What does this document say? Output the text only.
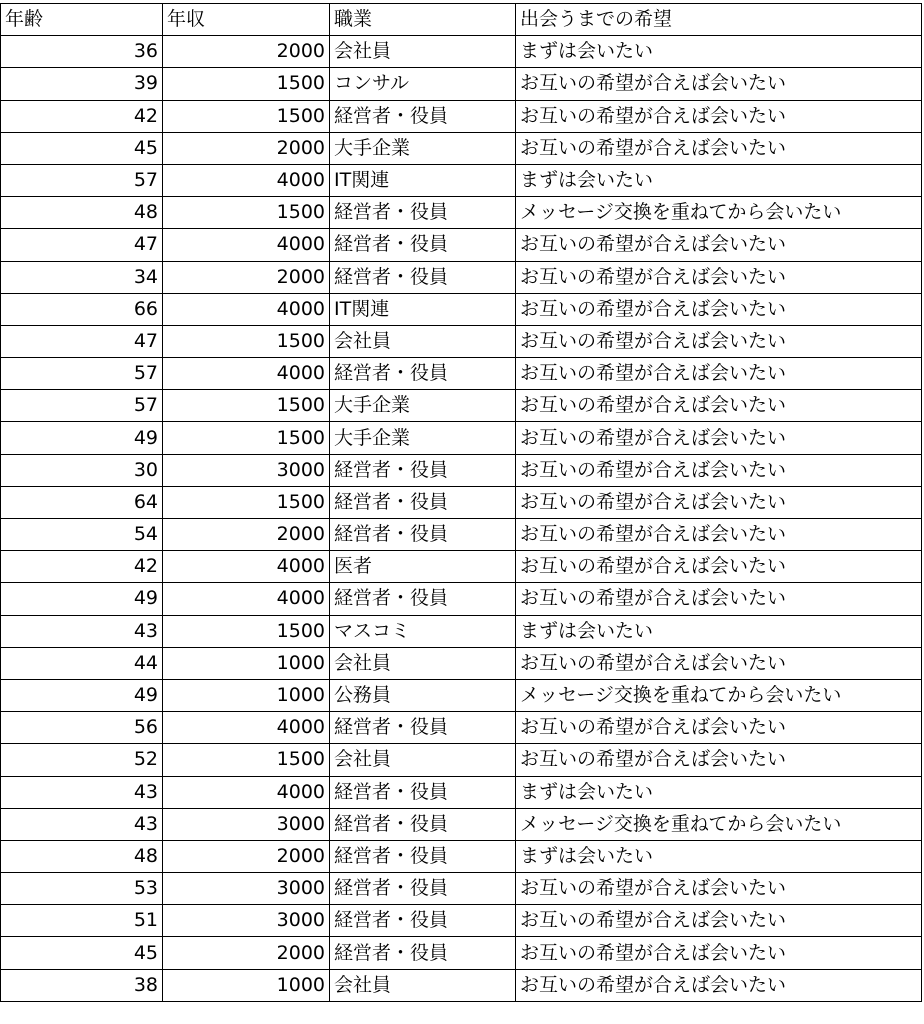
年齢	年収	職業	出会うまでの希望
36	2000	会社員	まずは会いたい
39	1500	コンサル	お互いの希望が合えば会いたい
42	1500	経営者・役員	お互いの希望が合えば会いたい
45	2000	大手企業	お互いの希望が合えば会いたい
57	4000	IT関連	まずは会いたい
48	1500	経営者・役員	メッセージ交換を重ねてから会いたい
47	4000	経営者・役員	お互いの希望が合えば会いたい
34	2000	経営者・役員	お互いの希望が合えば会いたい
66	4000	IT関連	お互いの希望が合えば会いたい
47	1500	会社員	お互いの希望が合えば会いたい
57	4000	経営者・役員	お互いの希望が合えば会いたい
57	1500	大手企業	お互いの希望が合えば会いたい
49	1500	大手企業	お互いの希望が合えば会いたい
30	3000	経営者・役員	お互いの希望が合えば会いたい
64	1500	経営者・役員	お互いの希望が合えば会いたい
54	2000	経営者・役員	お互いの希望が合えば会いたい
42	4000	医者	お互いの希望が合えば会いたい
49	4000	経営者・役員	お互いの希望が合えば会いたい
43	1500	マスコミ	まずは会いたい
44	1000	会社員	お互いの希望が合えば会いたい
49	1000	公務員	メッセージ交換を重ねてから会いたい
56	4000	経営者・役員	お互いの希望が合えば会いたい
52	1500	会社員	お互いの希望が合えば会いたい
43	4000	経営者・役員	まずは会いたい
43	3000	経営者・役員	メッセージ交換を重ねてから会いたい
48	2000	経営者・役員	まずは会いたい
53	3000	経営者・役員	お互いの希望が合えば会いたい
51	3000	経営者・役員	お互いの希望が合えば会いたい
45	2000	経営者・役員	お互いの希望が合えば会いたい
38	1000	会社員	お互いの希望が合えば会いたい
